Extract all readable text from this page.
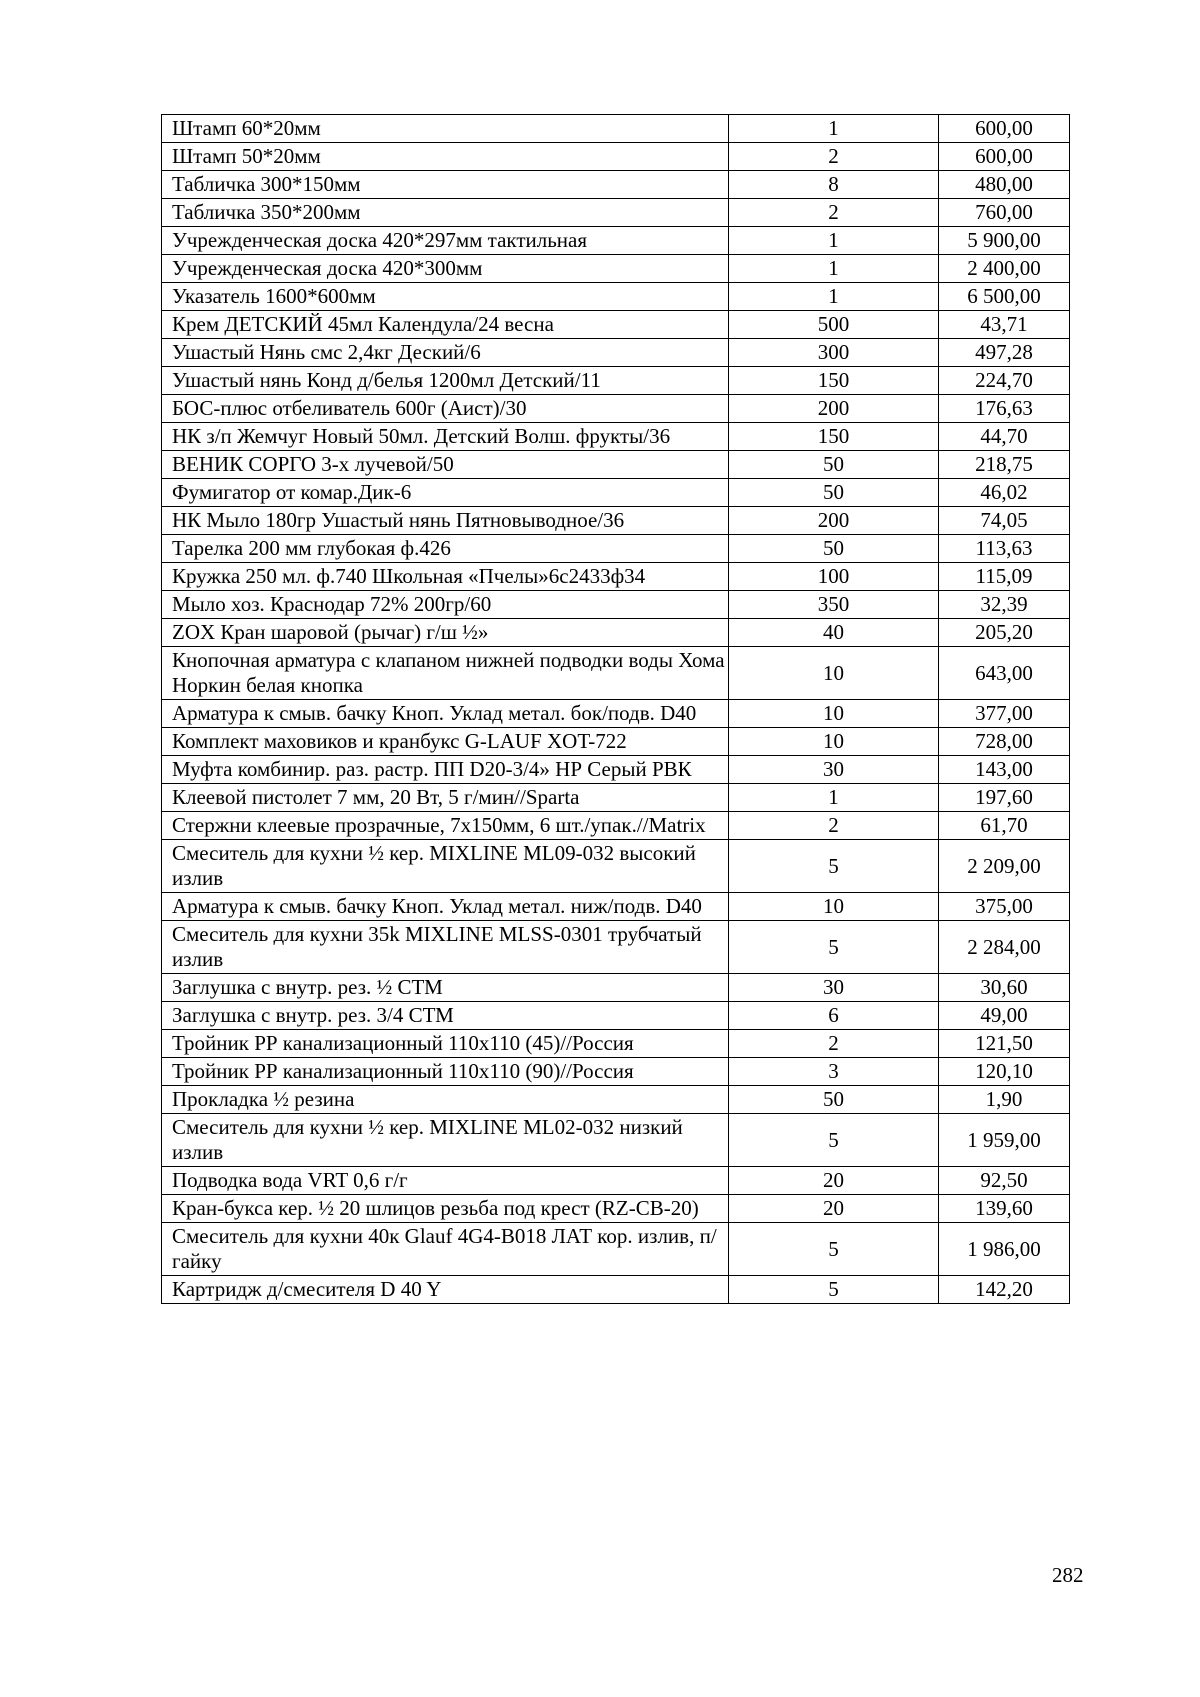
Штамп 60*20мм	1	600,00
Штамп 50*20мм	2	600,00
Табличка 300*150мм	8	480,00
Табличка 350*200мм	2	760,00
Учрежденческая доска 420*297мм тактильная	1	5 900,00
Учрежденческая доска 420*300мм	1	2 400,00
Указатель 1600*600мм	1	6 500,00
Крем ДЕТСКИЙ 45мл Календула/24 весна	500	43,71
Ушастый Нянь смс 2,4кг Деский/6	300	497,28
Ушастый нянь Конд д/белья 1200мл Детский/11	150	224,70
БОС-плюс отбеливатель 600г (Аист)/30	200	176,63
НК з/п Жемчуг Новый 50мл. Детский Волш. фрукты/36	150	44,70
ВЕНИК СОРГО 3-х лучевой/50	50	218,75
Фумигатор от комар.Дик-6	50	46,02
НК Мыло 180гр Ушастый нянь Пятновыводное/36	200	74,05
Тарелка 200 мм глубокая ф.426	50	113,63
Кружка 250 мл. ф.740 Школьная «Пчелы»6с2433ф34	100	115,09
Мыло хоз. Краснодар 72% 200гр/60	350	32,39
ZOX Кран шаровой (рычаг) г/ш ½»	40	205,20
Кнопочная арматура с клапаном нижней подводки воды Хома Норкин белая кнопка	10	643,00
Арматура к смыв. бачку Кноп. Уклад метал. бок/подв. D40	10	377,00
Комплект маховиков и кранбукс G-LAUF XOT-722	10	728,00
Муфта комбинир. раз. растр. ПП D20-3/4» НР Серый РВК	30	143,00
Клеевой пистолет 7 мм, 20 Вт, 5 г/мин//Sparta	1	197,60
Стержни клеевые прозрачные, 7х150мм, 6 шт./упак.//Matrix	2	61,70
Смеситель для кухни ½ кер. MIXLINE ML09-032 высокий излив	5	2 209,00
Арматура к смыв. бачку Кноп. Уклад метал. ниж/подв. D40	10	375,00
Смеситель для кухни 35k MIXLINE MLSS-0301 трубчатый излив	5	2 284,00
Заглушка с внутр. рез. ½ СТМ	30	30,60
Заглушка с внутр. рез. 3/4 СТМ	6	49,00
Тройник РР канализационный 110х110 (45)//Россия	2	121,50
Тройник РР канализационный 110х110 (90)//Россия	3	120,10
Прокладка ½ резина	50	1,90
Смеситель для кухни ½ кер. MIXLINE ML02-032 низкий излив	5	1 959,00
Подводка вода VRT 0,6 г/г	20	92,50
Кран-букса кер. ½ 20 шлицов резьба под крест (RZ-CB-20)	20	139,60
Смеситель для кухни 40к Glauf 4G4-B018 ЛАТ кор. излив, п/гайку	5	1 986,00
Картридж д/смесителя D 40 Y	5	142,20
282
